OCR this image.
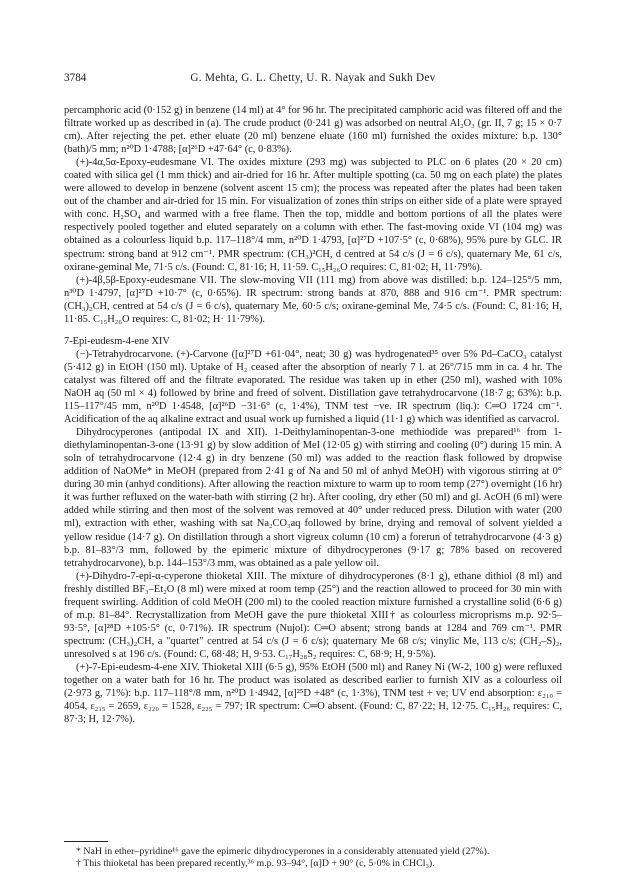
3784	G. Mehta, G. L. Chetty, U. R. Nayak and Sukh Dev

percamphoric acid (0·152 g) in benzene (14 ml) at 4° for 96 hr. The precipitated camphoric acid was filtered off and the filtrate worked up as described in (a). The crude product (0·241 g) was adsorbed on neutral Al₂O₃ (gr. II, 7 g; 15 × 0·7 cm). After rejecting the pet. ether eluate (20 ml) benzene eluate (160 ml) furnished the oxides mixture: b.p. 130° (bath)/5 mm; n²⁰D 1·4788; [α]²⁶D +47·64° (c, 0·83%).

(+)-4α,5α-Epoxy-eudesmane VI. The oxides mixture (293 mg) was subjected to PLC on 6 plates (20 × 20 cm) coated with silica gel (1 mm thick) and air-dried for 16 hr. After multiple spotting (ca. 50 mg on each plate) the plates were allowed to develop in benzene (solvent ascent 15 cm); the process was repeated after the plates had been taken out of the chamber and air-dried for 15 min. For visualization of zones thin strips on either side of a plate were sprayed with conc. H₂SO₄ and warmed with a free flame. Then the top, middle and bottom portions of all the plates were respectively pooled together and eluted separately on a column with ether. The fast-moving oxide VI (104 mg) was obtained as a colourless liquid b.p. 117–118°/4 mm, n²⁰D 1·4793, [α]²⁷D +107·5° (c, 0·68%), 95% pure by GLC. IR spectrum: strong band at 912 cm⁻¹. PMR spectrum: (CH₃)²CH, d centred at 54 c/s (J = 6 c/s), quaternary Me, 61 c/s, oxirane-geminal Me, 71·5 c/s. (Found: C, 81·16; H, 11·59. C₁₅H₂₆O requires: C, 81·02; H, 11·79%).

(+)-4β,5β-Epoxy-eudesmane VII. The slow-moving VII (111 mg) from above was distilled: b.p. 124–125°/5 mm, n³⁰D 1·4797, [α]²⁷D +10·7° (c, 0·65%). IR spectrum: strong bands at 870, 888 and 916 cm⁻¹. PMR spectrum: (CH₃)₂CH, centred at 54 c/s (J = 6 c/s), quaternary Me, 60·5 c/s; oxirane-geminal Me, 74·5 c/s. (Found: C, 81·16; H, 11·85. C₁₅H₂₆O requires: C, 81·02; H· 11·79%).

7-Epi-eudesm-4-ene XIV

(−)-Tetrahydrocarvone. (+)-Carvone ([α]²⁷D +61·04°, neat; 30 g) was hydrogenated³⁵ over 5% Pd–CaCO₃ catalyst (5·412 g) in EtOH (150 ml). Uptake of H₂ ceased after the absorption of nearly 7 l. at 26°/715 mm in ca. 4 hr. The catalyst was filtered off and the filtrate evaporated. The residue was taken up in ether (250 ml), washed with 10% NaOH aq (50 ml × 4) followed by brine and freed of solvent. Distillation gave tetrahydrocarvone (18·7 g; 63%): b.p. 115–117°/45 mm, n²⁰D 1·4548, [α]²⁶D −31·6° (c, 1·4%), TNM test −ve. IR spectrum (liq.): C═O 1724 cm⁻¹. Acidification of the aq alkaline extract and usual work up furnished a liquid (11·1 g) which was identified as carvacrol.

Dihydrocyperones (antipodal IX and XII). 1-Deithylaminopentan-3-one methiodide was prepared¹⁶ from 1-diethylaminopentan-3-one (13·91 g) by slow addition of MeI (12·05 g) with stirring and cooling (0°) during 15 min. A soln of tetrahydrocarvone (12·4 g) in dry benzene (50 ml) was added to the reaction flask followed by dropwise addition of NaOMe* in MeOH (prepared from 2·41 g of Na and 50 ml of anhyd MeOH) with vigorous stirring at 0° during 30 min (anhyd conditions). After allowing the reaction mixture to warm up to room temp (27°) overnight (16 hr) it was further refluxed on the water-bath with stirring (2 hr). After cooling, dry ether (50 ml) and gl. AcOH (6 ml) were added while stirring and then most of the solvent was removed at 40° under reduced press. Dilution with water (200 ml), extraction with ether, washing with sat Na₂CO₃aq followed by brine, drying and removal of solvent yielded a yellow residue (14·7 g). On distillation through a short vigreux column (10 cm) a forerun of tetrahydrocarvone (4·3 g) b.p. 81–83°/3 mm, followed by the epimeric mixture of dihydrocyperones (9·17 g; 78% based on recovered tetrahydrocarvone), b.p. 144–153°/3 mm, was obtained as a pale yellow oil.

(+)-Dihydro-7-epi-α-cyperone thioketal XIII. The mixture of dihydrocyperones (8·1 g), ethane dithiol (8 ml) and freshly distilled BF₃–Et₂O (8 ml) were mixed at room temp (25°) and the reaction allowed to proceed for 30 min with frequent swirling. Addition of cold MeOH (200 ml) to the cooled reaction mixture furnished a crystalline solid (6·6 g) of m.p. 81–84°. Recrystallization from MeOH gave the pure thioketal XIII† as colourless microprisms m.p. 92·5–93·5°, [α]²⁸D +105·5° (c, 0·71%). IR spectrum (Nujol): C═O absent; strong bands at 1284 and 769 cm⁻¹. PMR spectrum: (CH₃)₂CH, a "quartet" centred at 54 c/s (J = 6 c/s); quaternary Me 68 c/s; vinylic Me, 113 c/s; (CH₂–S)₂, unresolved s at 196 c/s. (Found: C, 68·48; H, 9·53. C₁₇H₂₈S₂ requires: C, 68·9; H, 9·5%).

(+)-7-Epi-eudesm-4-ene XIV. Thioketal XIII (6·5 g), 95% EtOH (500 ml) and Raney Ni (W-2, 100 g) were refluxed together on a water bath for 16 hr. The product was isolated as described earlier to furnish XIV as a colourless oil (2·973 g, 71%): b.p. 117–118°/8 mm, n²⁰D 1·4942, [α]²⁵D +48° (c, 1·3%), TNM test + ve; UV end absorption: ε₂₁₀ = 4054, ε₂₁₅ = 2659, ε₂₂₀ = 1528, ε₂₂₅ = 797; IR spectrum: C═O absent. (Found: C, 87·22; H, 12·75. C₁₅H₂₆ requires: C, 87·3; H, 12·7%).

* NaH in ether–pyridine¹⁶ gave the epimeric dihydrocyperones in a considerably attenuated yield (27%).

† This thioketal has been prepared recently,³⁶ m.p. 93–94°, [α]D + 90° (c, 5·0% in CHCl₃).
